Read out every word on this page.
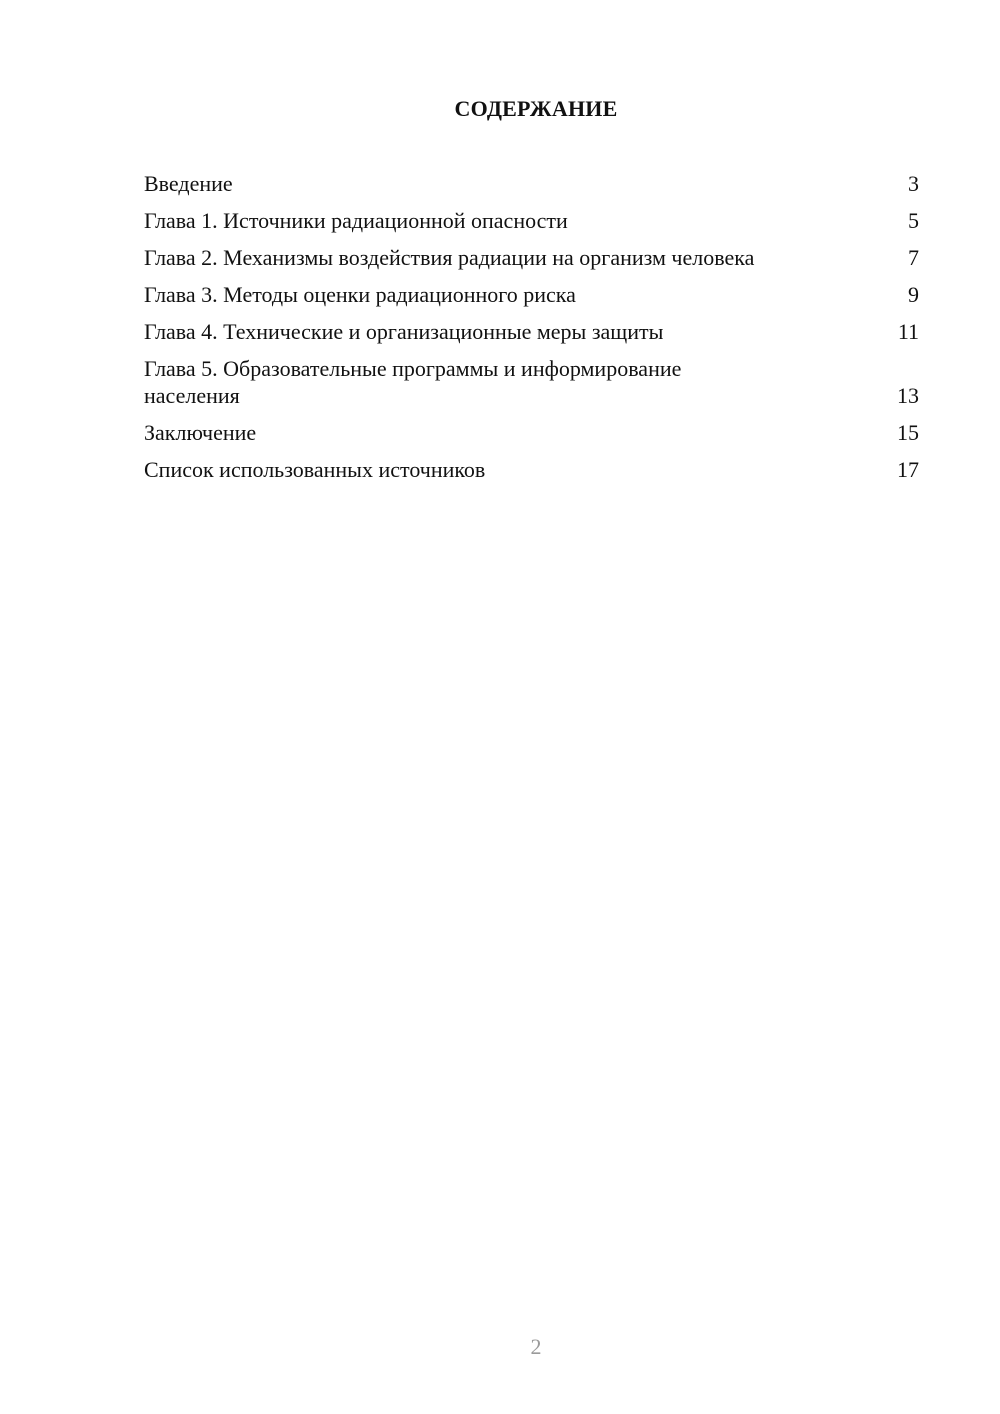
СОДЕРЖАНИЕ
Введение	3
Глава 1. Источники радиационной опасности	5
Глава 2. Механизмы воздействия радиации на организм человека	7
Глава 3. Методы оценки радиационного риска	9
Глава 4. Технические и организационные меры защиты	11
Глава 5. Образовательные программы и информирование населения	13
Заключение	15
Список использованных источников	17
2
